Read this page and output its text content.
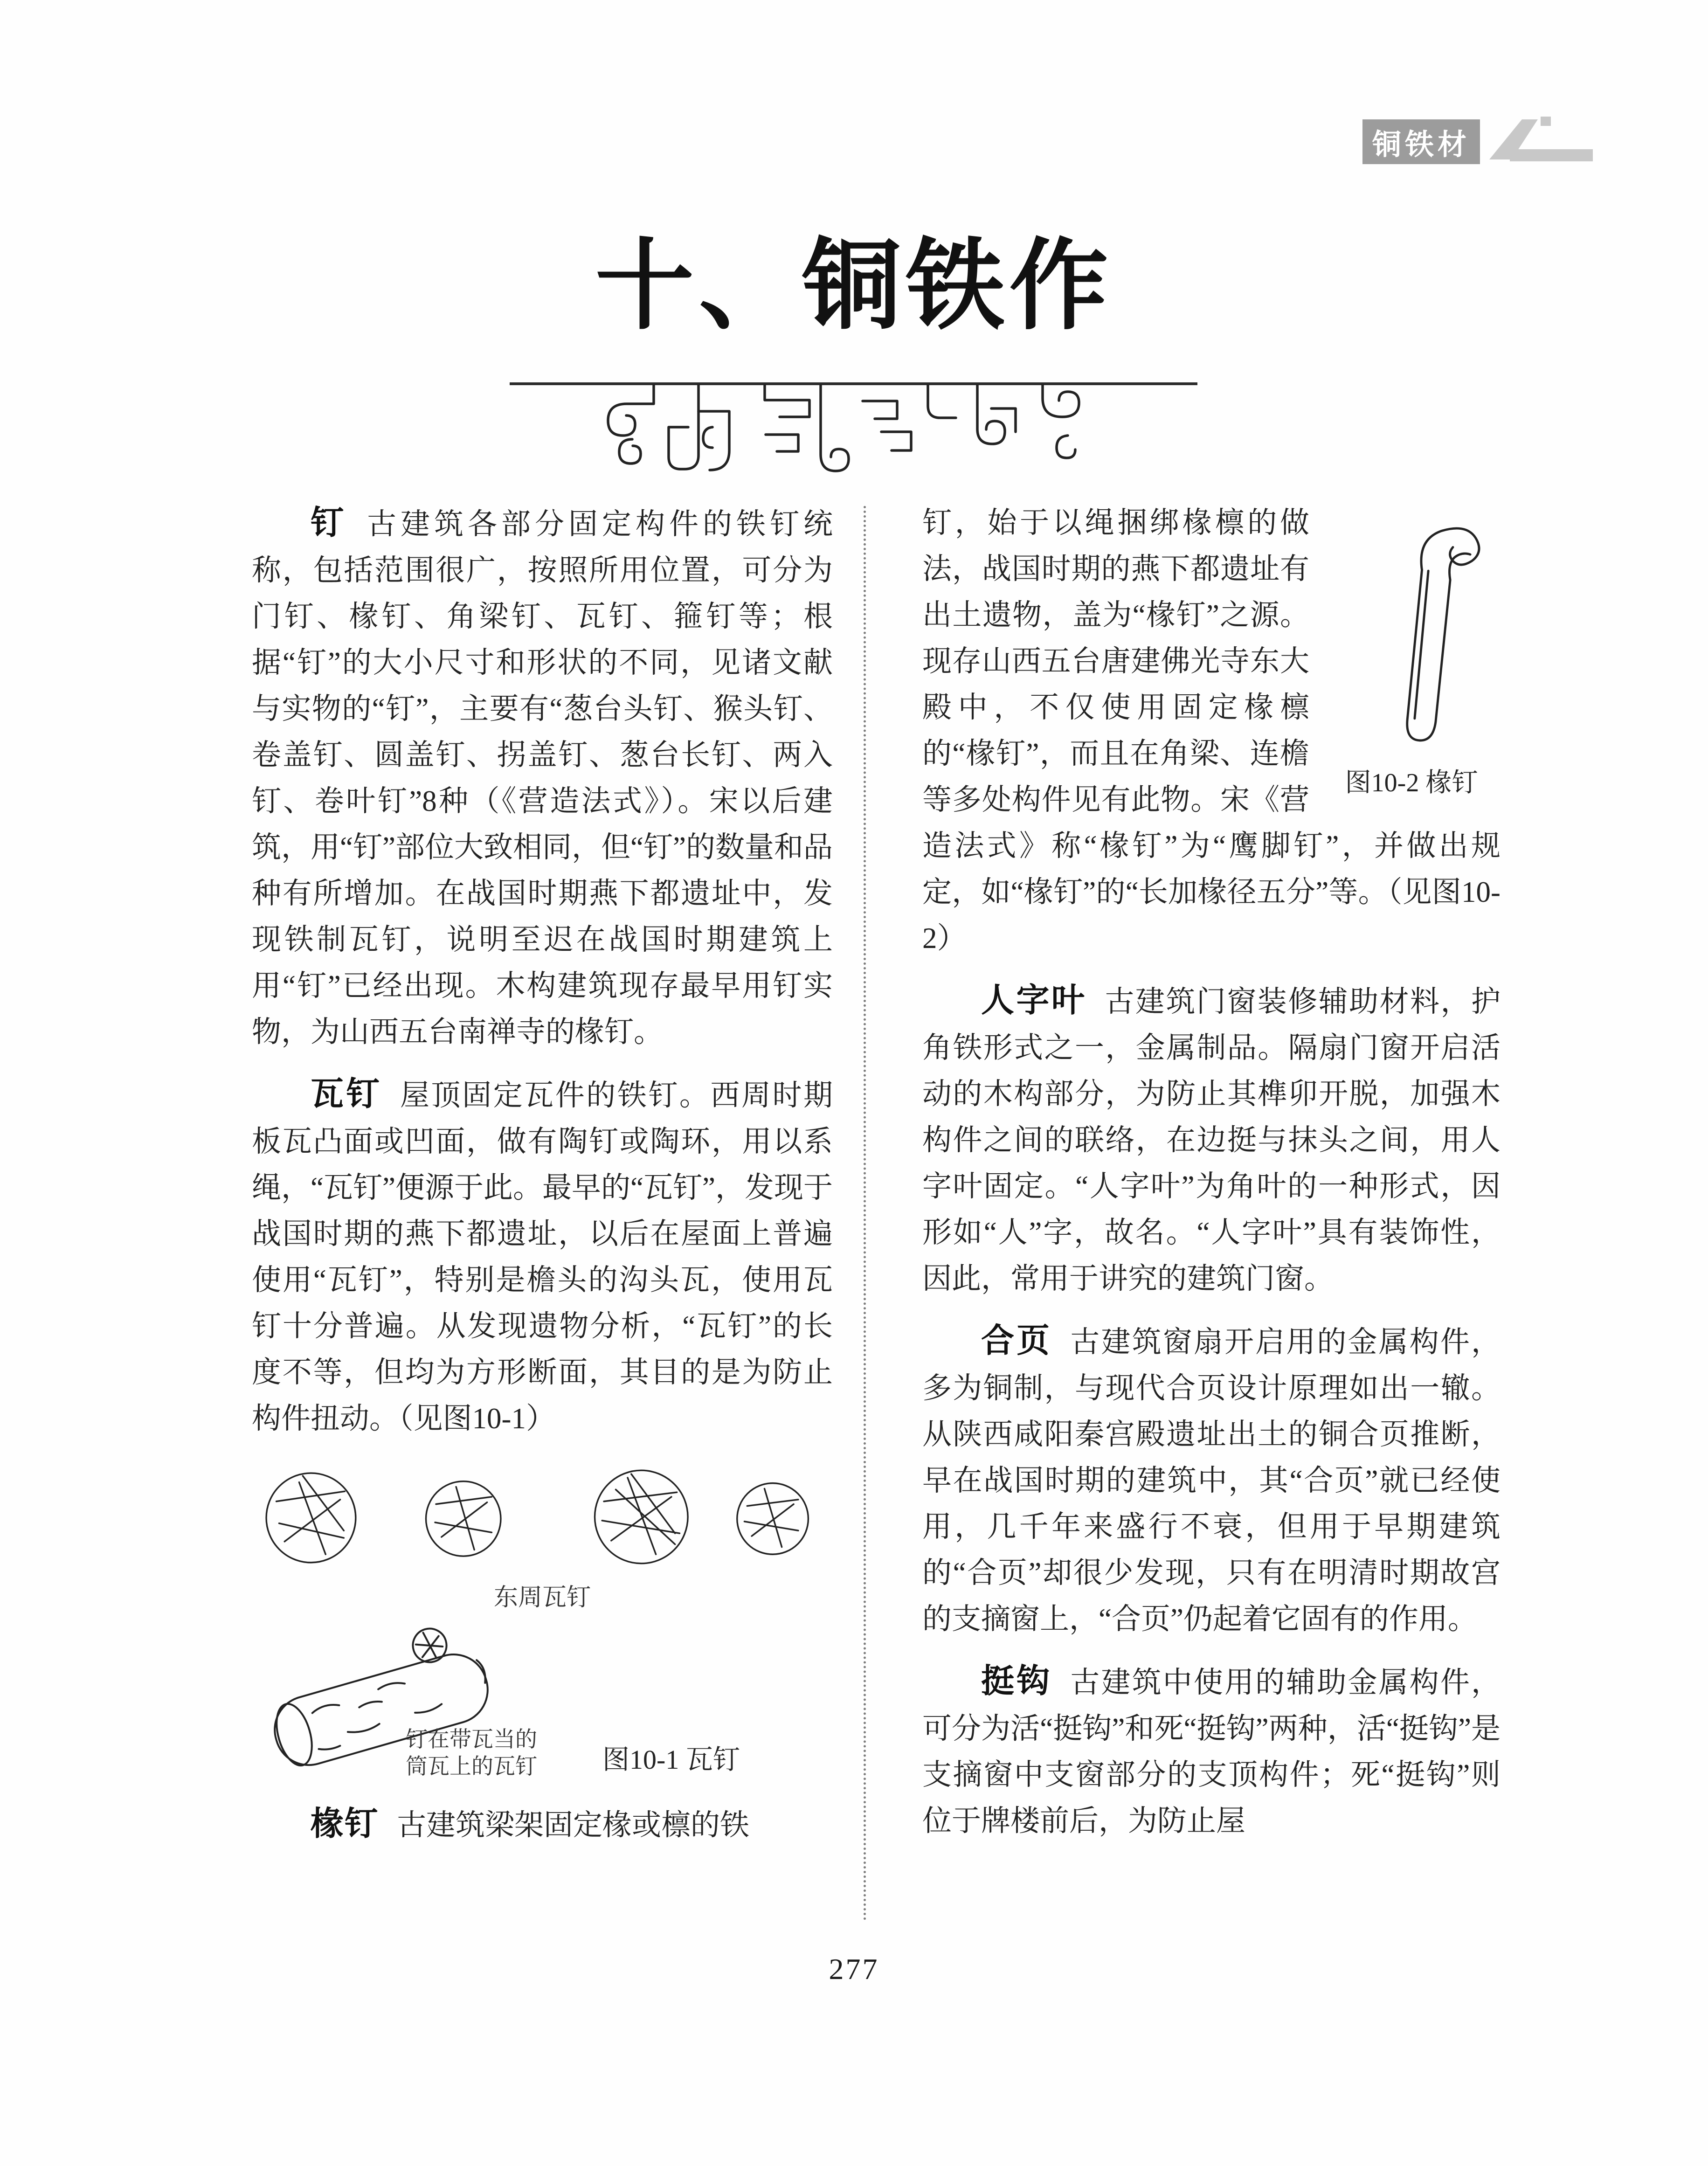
铜铁材
十、铜铁作

钉 古建筑各部分固定构件的铁钉统称，包括范围很广，按照所用位置，可分为门钉、椽钉、角梁钉、瓦钉、箍钉等；根据“钉”的大小尺寸和形状的不同，见诸文献与实物的“钉”，主要有“葱台头钉、猴头钉、卷盖钉、圆盖钉、拐盖钉、葱台长钉、两入钉、卷叶钉”8种（《营造法式》）。宋以后建筑，用“钉”部位大致相同，但“钉”的数量和品种有所增加。在战国时期燕下都遗址中，发现铁制瓦钉，说明至迟在战国时期建筑上用“钉”已经出现。木构建筑现存最早用钉实物，为山西五台南禅寺的椽钉。

瓦钉 屋顶固定瓦件的铁钉。西周时期板瓦凸面或凹面，做有陶钉或陶环，用以系绳，“瓦钉”便源于此。最早的“瓦钉”，发现于战国时期的燕下都遗址，以后在屋面上普遍使用“瓦钉”，特别是檐头的沟头瓦，使用瓦钉十分普遍。从发现遗物分析，“瓦钉”的长度不等，但均为方形断面，其目的是为防止构件扭动。（见图10-1）

东周瓦钉
钉在带瓦当的
筒瓦上的瓦钉 图10-1 瓦钉

椽钉 古建筑梁架固定椽或檩的铁

图10-2 椽钉

钉，始于以绳捆绑椽檩的做法，战国时期的燕下都遗址有出土遗物，盖为“椽钉”之源。现存山西五台唐建佛光寺东大殿中，不仅使用固定椽檩的“椽钉”，而且在角梁、连檐等多处构件见有此物。宋《营造法式》称“椽钉”为“鹰脚钉”，并做出规定，如“椽钉”的“长加椽径五分”等。（见图10-2）

人字叶 古建筑门窗装修辅助材料，护角铁形式之一，金属制品。隔扇门窗开启活动的木构部分，为防止其榫卯开脱，加强木构件之间的联络，在边挺与抹头之间，用人字叶固定。“人字叶”为角叶的一种形式，因形如“人”字，故名。“人字叶”具有装饰性，因此，常用于讲究的建筑门窗。

合页 古建筑窗扇开启用的金属构件，多为铜制，与现代合页设计原理如出一辙。从陕西咸阳秦宫殿遗址出土的铜合页推断，早在战国时期的建筑中，其“合页”就已经使用，几千年来盛行不衰，但用于早期建筑的“合页”却很少发现，只有在明清时期故宫的支摘窗上，“合页”仍起着它固有的作用。

挺钩 古建筑中使用的辅助金属构件，可分为活“挺钩”和死“挺钩”两种，活“挺钩”是支摘窗中支窗部分的支顶构件；死“挺钩”则位于牌楼前后，为防止屋

277
